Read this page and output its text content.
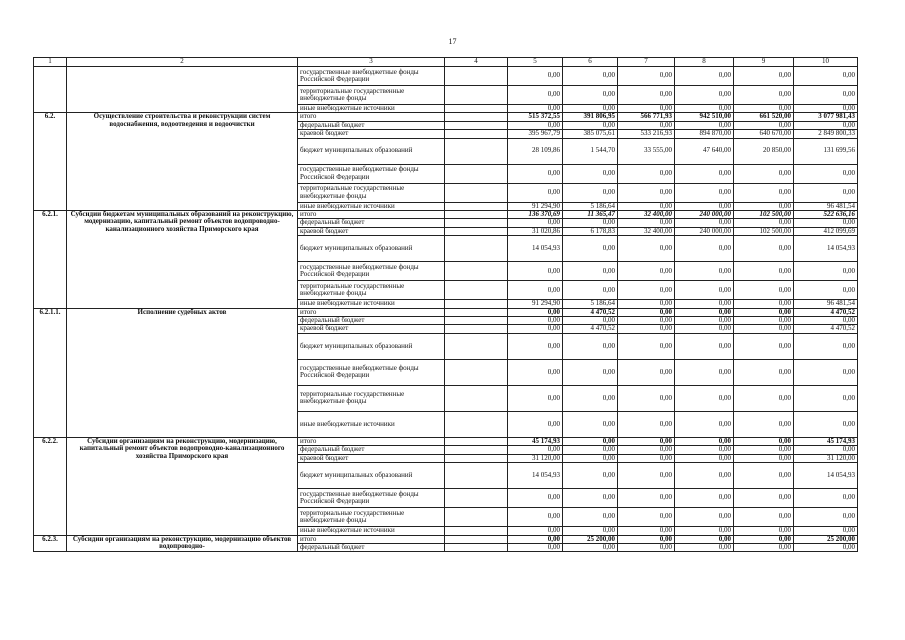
17
1	2	3	4	5	6	7	8	9	10
		государственные внебюджетные фонды Российской Федерации		0,00	0,00	0,00	0,00	0,00	0,00
		территориальные государственные внебюджетные фонды		0,00	0,00	0,00	0,00	0,00	0,00
		иные внебюджетные источники		0,00	0,00	0,00	0,00	0,00	0,00
6.2.	Осуществление строительства и реконструкции систем водоснабжения, водоотведения и водоочистки	итого		515 372,55	391 806,95	566 771,93	942 510,00	661 520,00	3 077 981,43
		федеральный бюджет		0,00	0,00	0,00	0,00	0,00	0,00
		краевой бюджет		395 967,79	385 075,61	533 216,93	894 870,00	640 670,00	2 849 800,33
		бюджет муниципальных образований		28 109,86	1 544,70	33 555,00	47 640,00	20 850,00	131 699,56
		государственные внебюджетные фонды Российской Федерации		0,00	0,00	0,00	0,00	0,00	0,00
		территориальные государственные внебюджетные фонды		0,00	0,00	0,00	0,00	0,00	0,00
		иные внебюджетные источники		91 294,90	5 186,64	0,00	0,00	0,00	96 481,54
6.2.1.	Субсидии бюджетам муниципальных образований на реконструкцию, модернизацию, капитальный ремонт объектов водопроводно-канализационного хозяйства Приморского края	итого		136 370,69	11 365,47	32 400,00	240 000,00	102 500,00	522 636,16
		федеральный бюджет		0,00	0,00	0,00	0,00	0,00	0,00
		краевой бюджет		31 020,86	6 178,83	32 400,00	240 000,00	102 500,00	412 099,69
		бюджет муниципальных образований		14 054,93	0,00	0,00	0,00	0,00	14 054,93
		государственные внебюджетные фонды Российской Федерации		0,00	0,00	0,00	0,00	0,00	0,00
		территориальные государственные внебюджетные фонды		0,00	0,00	0,00	0,00	0,00	0,00
		иные внебюджетные источники		91 294,90	5 186,64	0,00	0,00	0,00	96 481,54
6.2.1.1.	Исполнение судебных актов	итого		0,00	4 470,52	0,00	0,00	0,00	4 470,52
		федеральный бюджет		0,00	0,00	0,00	0,00	0,00	0,00
		краевой бюджет		0,00	4 470,52	0,00	0,00	0,00	4 470,52
		бюджет муниципальных образований		0,00	0,00	0,00	0,00	0,00	0,00
		государственные внебюджетные фонды Российской Федерации		0,00	0,00	0,00	0,00	0,00	0,00
		территориальные государственные внебюджетные фонды		0,00	0,00	0,00	0,00	0,00	0,00
		иные внебюджетные источники		0,00	0,00	0,00	0,00	0,00	0,00
6.2.2.	Субсидии организациям на реконструкцию, модернизацию, капитальный ремонт объектов водопроводно-канализационного хозяйства Приморского края	итого		45 174,93	0,00	0,00	0,00	0,00	45 174,93
		федеральный бюджет		0,00	0,00	0,00	0,00	0,00	0,00
		краевой бюджет		31 120,00	0,00	0,00	0,00	0,00	31 120,00
		бюджет муниципальных образований		14 054,93	0,00	0,00	0,00	0,00	14 054,93
		государственные внебюджетные фонды Российской Федерации		0,00	0,00	0,00	0,00	0,00	0,00
		территориальные государственные внебюджетные фонды		0,00	0,00	0,00	0,00	0,00	0,00
		иные внебюджетные источники		0,00	0,00	0,00	0,00	0,00	0,00
6.2.3.	Субсидии организациям на реконструкцию, модернизацию объектов водопроводно-	итого		0,00	25 200,00	0,00	0,00	0,00	25 200,00
		федеральный бюджет		0,00	0,00	0,00	0,00	0,00	0,00
